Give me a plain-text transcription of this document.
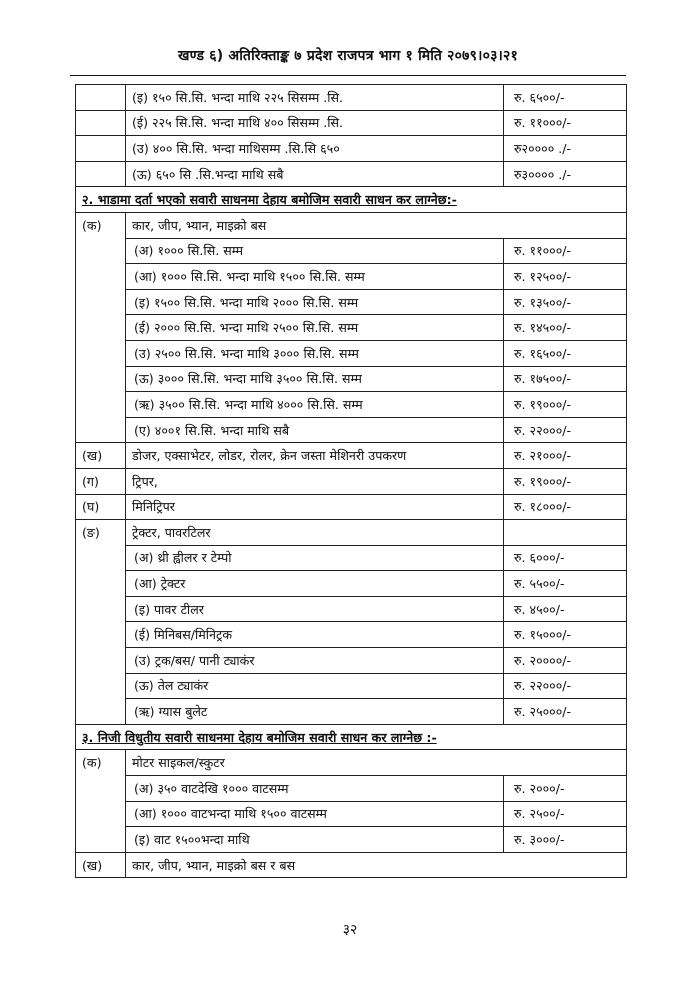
खण्ड ६) अतिरिक्ताङ्क ७ प्रदेश राजपत्र भाग १ मिति २०७९।०३।२१
	(इ) १५० सि.सि. भन्दा माथि २२५ सिसम्म .सि.	रु. ६५००/-
	(ई) २२५ सि.सि. भन्दा माथि ४०० सिसम्म .सि.	रु. ११०००/-
	(उ) ४०० सि.सि. भन्दा माथिसम्म .सि.सि ६५०	रु२०००० ./-
	(ऊ) ६५० सि .सि.भन्दा माथि सबै	रु३०००० ./-
२. भाडामा दर्ता भएको सवारी साधनमा देहाय बमोजिम सवारी साधन कर लाग्नेछ:-		
(क)	कार, जीप, भ्यान, माइक्रो बस	
	(अ) १००० सि.सि. सम्म	रु. ११०००/-
	(आ) १००० सि.सि. भन्दा माथि १५०० सि.सि. सम्म	रु. १२५००/-
	(इ) १५०० सि.सि. भन्दा माथि २००० सि.सि. सम्म	रु. १३५००/-
	(ई) २००० सि.सि. भन्दा माथि २५०० सि.सि. सम्म	रु. १४५००/-
	(उ) २५०० सि.सि. भन्दा माथि ३००० सि.सि. सम्म	रु. १६५००/-
	(ऊ) ३००० सि.सि. भन्दा माथि ३५०० सि.सि. सम्म	रु. १७५००/-
	(ऋ) ३५०० सि.सि. भन्दा माथि ४००० सि.सि. सम्म	रु. १९०००/-
	(ए) ४००१ सि.सि. भन्दा माथि सबै	रु. २२०००/-
(ख)	डोजर, एक्साभेटर, लोडर, रोलर, क्रेन जस्ता मेशिनरी उपकरण	रु. २१०००/-
(ग)	ट्रिपर,	रु. १९०००/-
(घ)	मिनिट्रिपर	रु. १८०००/-
(ङ)	ट्रेक्टर, पावरटिलर	
	(अ) थ्री ह्वीलर र टेम्पो	रु. ६०००/-
	(आ) ट्रेक्टर	रु. ५५००/-
	(इ) पावर टीलर	रु. ४५००/-
	(ई) मिनिबस/मिनिट्रक	रु. १५०००/-
	(उ) ट्रक/बस/ पानी ट्याकंर	रु. २००००/-
	(ऊ) तेल ट्याकंर	रु. २२०००/-
	(ऋ) ग्यास बुलेट	रु. २५०००/-
३. निजी विधुतीय सवारी साधनमा देहाय बमोजिम सवारी साधन कर लाग्नेछ :-		
(क)	मोटर साइकल/स्कुटर	
	(अ) ३५० वाटदेखि १००० वाटसम्म	रु. २०००/-
	(आ) १००० वाटभन्दा माथि १५०० वाटसम्म	रु. २५००/-
	(इ) वाट १५००भन्दा माथि	रु. ३०००/-
(ख)	कार, जीप, भ्यान, माइक्रो बस र बस	
३२
